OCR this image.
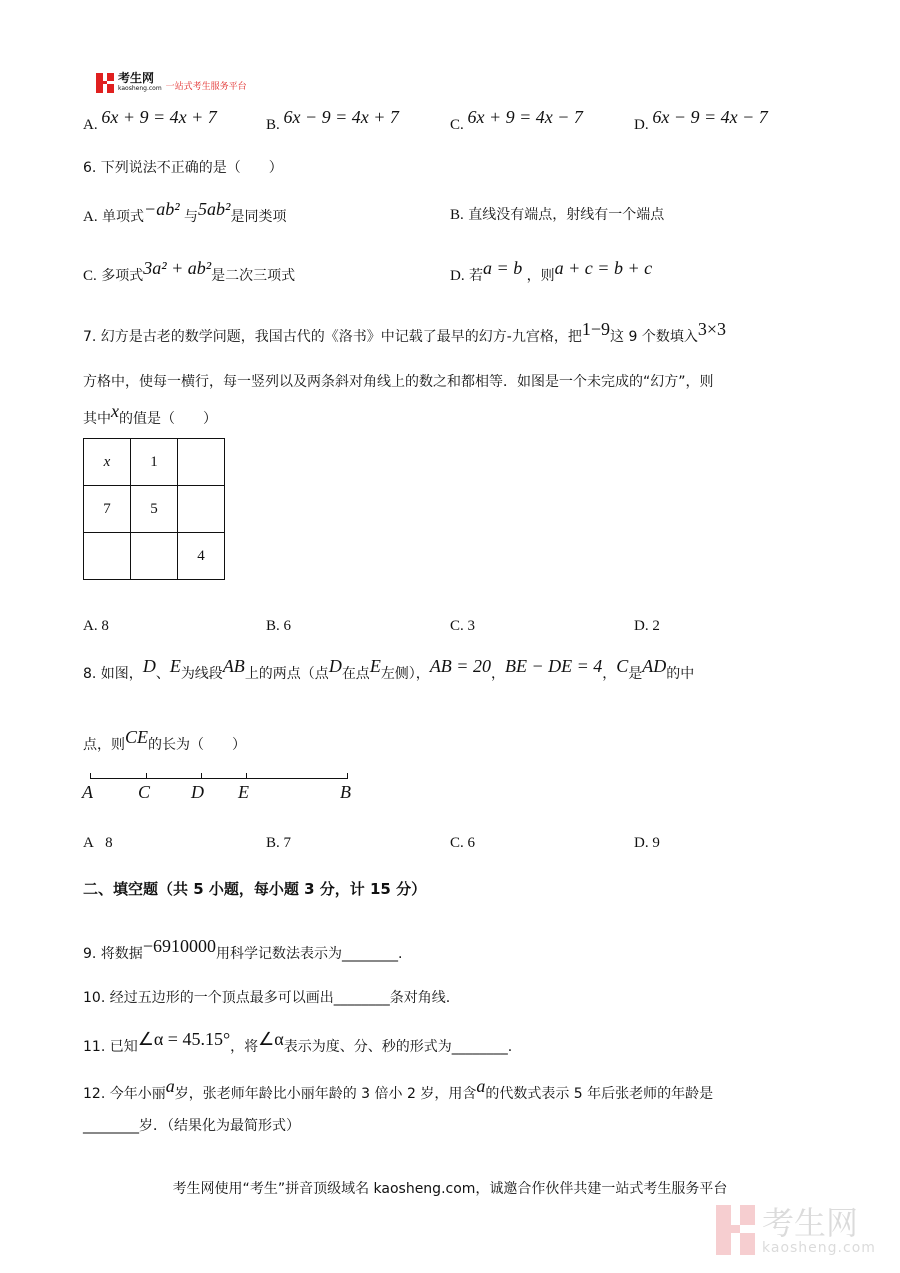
考生网
kaosheng.com 一站式考生服务平台
A. 6x + 9 = 4x + 7	B. 6x − 9 = 4x + 7	C. 6x + 9 = 4x − 7	D. 6x − 9 = 4x − 7
6. 下列说法不正确的是（　　）
A. 单项式−ab² 与5ab²是同类项	B. 直线没有端点，射线有一个端点
C. 多项式3a² + ab²是二次三项式	D. 若a = b ，则a + c = b + c
7. 幻方是古老的数学问题，我国古代的《洛书》中记载了最早的幻方-九宫格，把1−9这 9 个数填入3×3
方格中，使每一横行，每一竖列以及两条斜对角线上的数之和都相等．如图是一个未完成的“幻方”，则
其中x的值是（　　）
x	1	
7	5	
		4
A. 8	B. 6	C. 3	D. 2
8. 如图，D、E为线段AB上的两点（点D在点E左侧），AB = 20，BE − DE = 4，C是AD的中
点，则CE的长为（　　）
A	C D E	B
A 8	B. 7	C. 6	D. 9
二、填空题（共 5 小题，每小题 3 分，计 15 分）
9. 将数据−6910000用科学记数法表示为________.
10. 经过五边形的一个顶点最多可以画出________条对角线.
11. 已知∠α = 45.15°，将∠α表示为度、分、秒的形式为________.
12. 今年小丽a岁，张老师年龄比小丽年龄的 3 倍小 2 岁，用含a的代数式表示 5 年后张老师的年龄是
________岁．（结果化为最简形式）
考生网使用“考生”拼音顶级域名 kaosheng.com，诚邀合作伙伴共建一站式考生服务平台
考生网
kaosheng.com
